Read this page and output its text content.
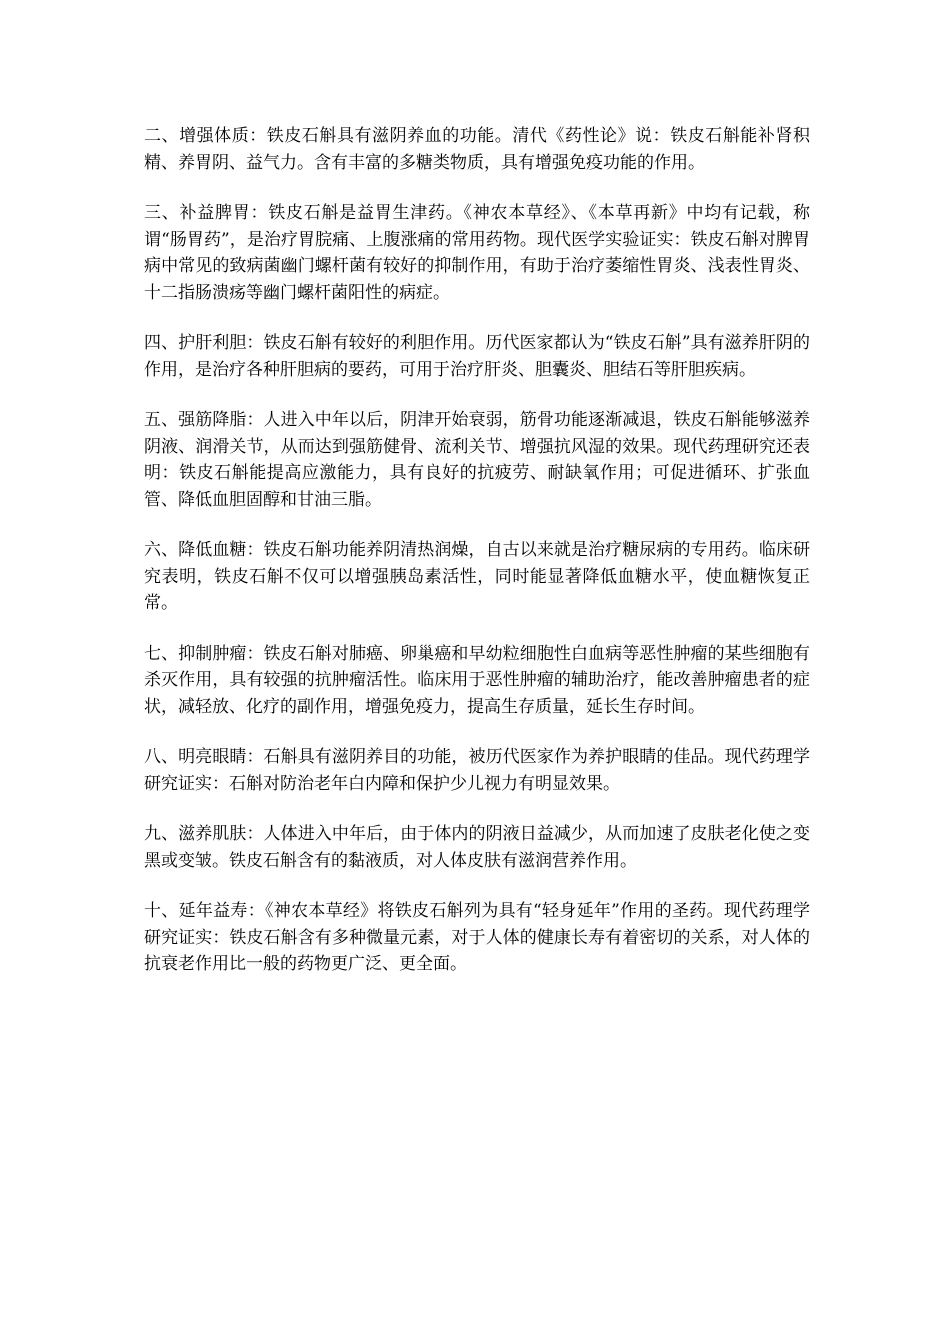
二、增强体质：铁皮石斛具有滋阴养血的功能。清代《药性论》说：铁皮石斛能补肾积精、养胃阴、益气力。含有丰富的多糖类物质，具有增强免疫功能的作用。

三、补益脾胃：铁皮石斛是益胃生津药。《神农本草经》、《本草再新》中均有记载，称谓“肠胃药”，是治疗胃脘痛、上腹涨痛的常用药物。现代医学实验证实：铁皮石斛对脾胃病中常见的致病菌幽门螺杆菌有较好的抑制作用，有助于治疗萎缩性胃炎、浅表性胃炎、十二指肠溃疡等幽门螺杆菌阳性的病症。

四、护肝利胆：铁皮石斛有较好的利胆作用。历代医家都认为“铁皮石斛”具有滋养肝阴的作用，是治疗各种肝胆病的要药，可用于治疗肝炎、胆囊炎、胆结石等肝胆疾病。

五、强筋降脂：人进入中年以后，阴津开始衰弱，筋骨功能逐渐减退，铁皮石斛能够滋养阴液、润滑关节，从而达到强筋健骨、流利关节、增强抗风湿的效果。现代药理研究还表明：铁皮石斛能提高应激能力，具有良好的抗疲劳、耐缺氧作用；可促进循环、扩张血管、降低血胆固醇和甘油三脂。

六、降低血糖：铁皮石斛功能养阴清热润燥，自古以来就是治疗糖尿病的专用药。临床研究表明，铁皮石斛不仅可以增强胰岛素活性，同时能显著降低血糖水平，使血糖恢复正常。

七、抑制肿瘤：铁皮石斛对肺癌、卵巢癌和早幼粒细胞性白血病等恶性肿瘤的某些细胞有杀灭作用，具有较强的抗肿瘤活性。临床用于恶性肿瘤的辅助治疗，能改善肿瘤患者的症状，减轻放、化疗的副作用，增强免疫力，提高生存质量，延长生存时间。

八、明亮眼睛：石斛具有滋阴养目的功能，被历代医家作为养护眼睛的佳品。现代药理学研究证实：石斛对防治老年白内障和保护少儿视力有明显效果。

九、滋养肌肤：人体进入中年后，由于体内的阴液日益减少，从而加速了皮肤老化使之变黑或变皱。铁皮石斛含有的黏液质，对人体皮肤有滋润营养作用。

十、延年益寿：《神农本草经》将铁皮石斛列为具有“轻身延年”作用的圣药。现代药理学研究证实：铁皮石斛含有多种微量元素，对于人体的健康长寿有着密切的关系，对人体的抗衰老作用比一般的药物更广泛、更全面。
